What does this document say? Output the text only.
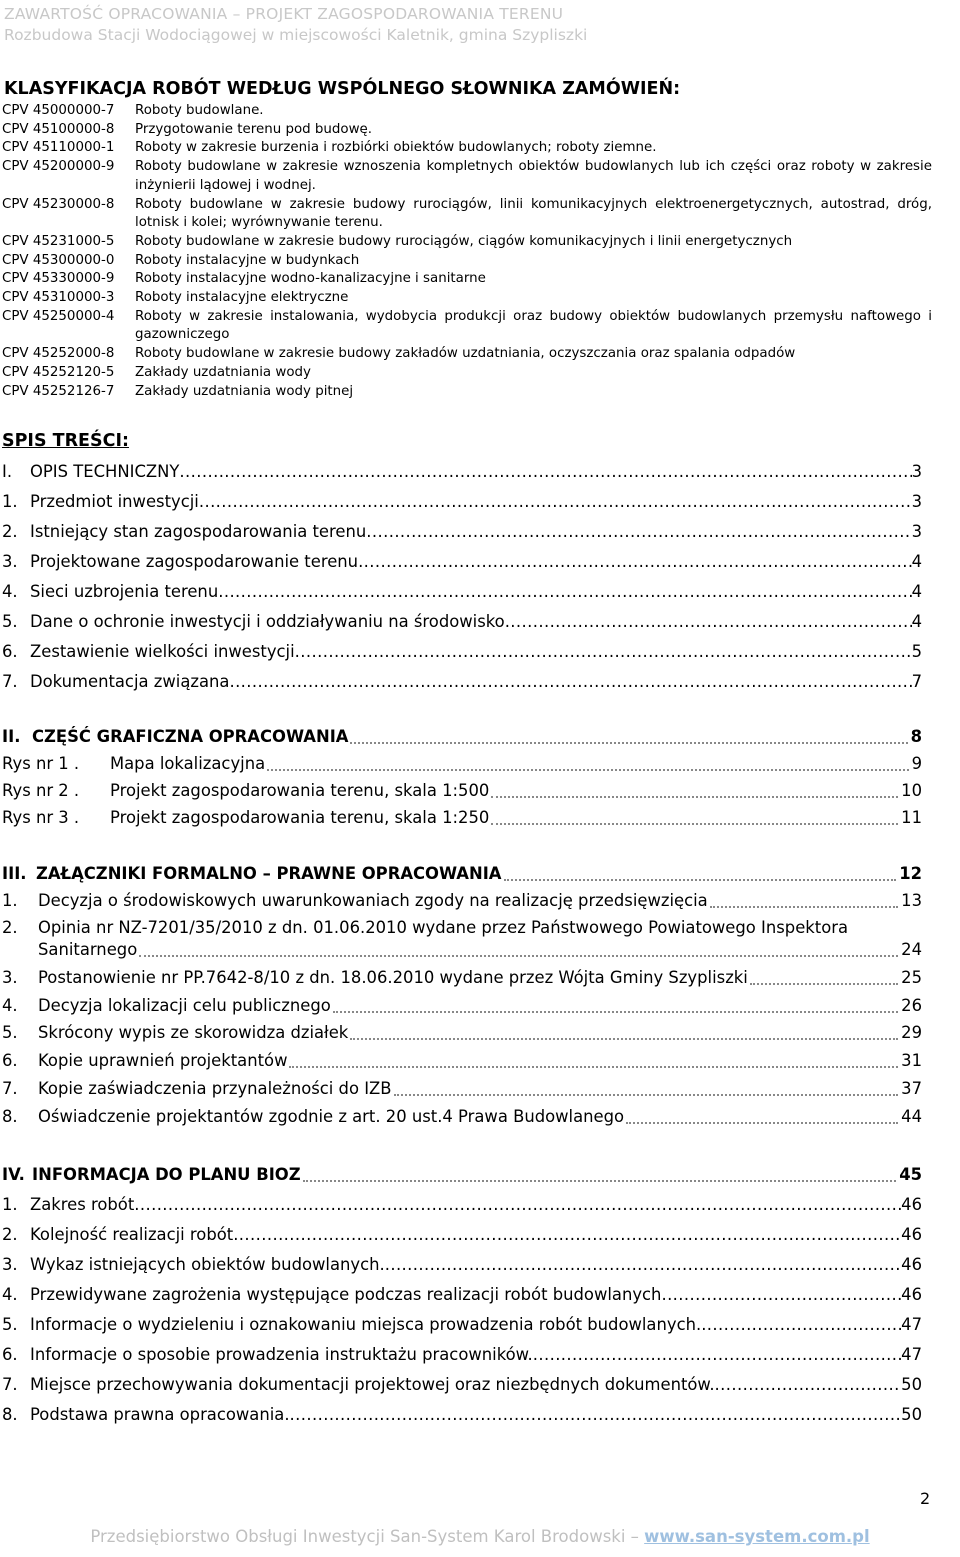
ZAWARTOŚĆ OPRACOWANIA – PROJEKT ZAGOSPODAROWANIA TERENU
Rozbudowa Stacji Wodociągowej w miejscowości Kaletnik, gmina Szypliszki
KLASYFIKACJA ROBÓT WEDŁUG WSPÓLNEGO SŁOWNIKA ZAMÓWIEŃ:
CPV 45000000-7	Roboty budowlane.
CPV 45100000-8	Przygotowanie terenu pod budowę.
CPV 45110000-1	Roboty w zakresie burzenia i rozbiórki obiektów budowlanych; roboty ziemne.
CPV 45200000-9	Roboty budowlane w zakresie wznoszenia kompletnych obiektów budowlanych lub ich części oraz roboty w zakresie inżynierii lądowej i wodnej.
CPV 45230000-8	Roboty budowlane w zakresie budowy rurociągów, linii komunikacyjnych elektroenergetycznych, autostrad, dróg, lotnisk i kolei; wyrównywanie terenu.
CPV 45231000-5	Roboty budowlane w zakresie budowy rurociągów, ciągów komunikacyjnych i linii energetycznych
CPV 45300000-0	Roboty instalacyjne w budynkach
CPV 45330000-9	Roboty instalacyjne wodno-kanalizacyjne i sanitarne
CPV 45310000-3	Roboty instalacyjne elektryczne
CPV 45250000-4	Roboty w zakresie instalowania, wydobycia produkcji oraz budowy obiektów budowlanych przemysłu naftowego i gazowniczego
CPV 45252000-8	Roboty budowlane w zakresie budowy zakładów uzdatniania, oczyszczania oraz spalania odpadów
CPV 45252120-5	Zakłady uzdatniania wody
CPV 45252126-7	Zakłady uzdatniania wody pitnej
SPIS TREŚCI:
I.	OPIS TECHNICZNY .....	3
1. Przedmiot inwestycji .....	3
2. Istniejący stan zagospodarowania terenu .....	3
3. Projektowane zagospodarowanie terenu .....	4
4. Sieci uzbrojenia terenu .....	4
5. Dane o ochronie inwestycji i oddziaływaniu na środowisko .....	4
6. Zestawienie wielkości inwestycji .....	5
7. Dokumentacja związana .....	7
II. CZĘŚĆ GRAFICZNA OPRACOWANIA	8
Rys nr 1 .	Mapa lokalizacyjna	9
Rys nr 2 .	Projekt zagospodarowania terenu, skala 1:500	10
Rys nr 3 .	Projekt zagospodarowania terenu, skala 1:250	11
III. ZAŁĄCZNIKI FORMALNO – PRAWNE OPRACOWANIA	12
1.	Decyzja o środowiskowych uwarunkowaniach zgody na realizację przedsięwzięcia	13
2.	Opinia nr NZ-7201/35/2010 z dn. 01.06.2010 wydane przez Państwowego Powiatowego Inspektora
Sanitarnego	24
3.	Postanowienie nr PP.7642-8/10 z dn. 18.06.2010 wydane przez Wójta Gminy Szypliszki	25
4.	Decyzja lokalizacji celu publicznego	26
5.	Skrócony wypis ze skorowidza działek	29
6.	Kopie uprawnień projektantów	31
7.	Kopie zaświadczenia przynależności do IZB	37
8.	Oświadczenie projektantów zgodnie z art. 20 ust.4 Prawa Budowlanego	44
IV. INFORMACJA DO PLANU BIOZ	45
1. Zakres robót .....	46
2. Kolejność realizacji robót .....	46
3. Wykaz istniejących obiektów budowlanych. .....	46
4. Przewidywane zagrożenia występujące podczas realizacji robót budowlanych .....	46
5. Informacje o wydzieleniu i oznakowaniu miejsca prowadzenia robót budowlanych. .....	47
6. Informacje o sposobie prowadzenia instruktażu pracowników. .....	47
7. Miejsce przechowywania dokumentacji projektowej oraz niezbędnych dokumentów. .....	50
8. Podstawa prawna opracowania. .....	50
2
Przedsiębiorstwo Obsługi Inwestycji San-System Karol Brodowski – www.san-system.com.pl
